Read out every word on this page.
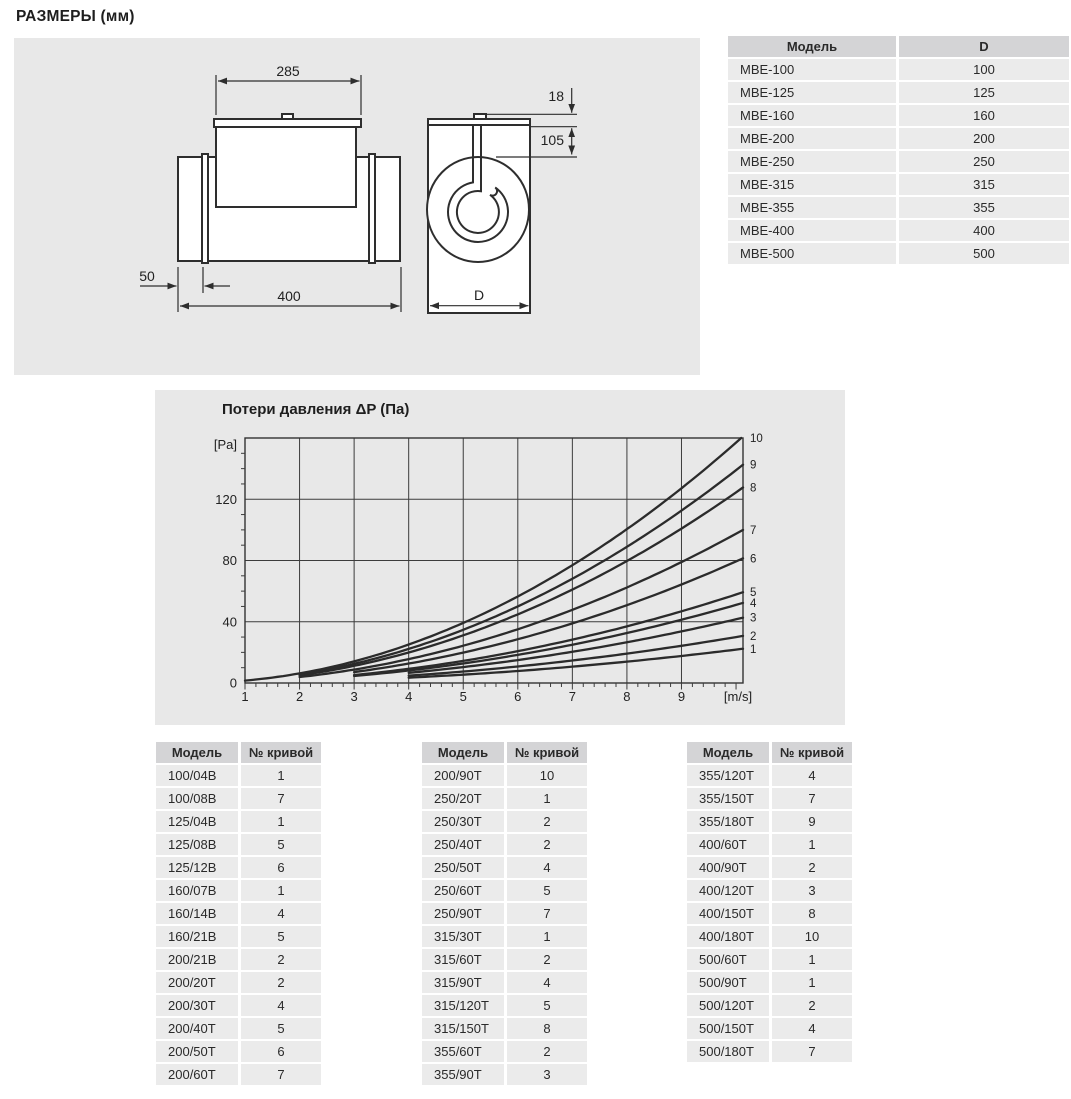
РАЗМЕРЫ (мм)
285
400
50
18
105
D
Модель	D
MBE-100	100
MBE-125	125
MBE-160	160
MBE-200	200
MBE-250	250
MBE-315	315
MBE-355	355
MBE-400	400
MBE-500	500
Потери давления ΔP (Па)
1	2	3	4	5	6	7	8	9	[m/s]
0
40
80
120
[Pa]
1
2
3
4
5
6
7
8
9
10
Модель	№ кривой
100/04B	1
100/08B	7
125/04B	1
125/08B	5
125/12B	6
160/07B	1
160/14B	4
160/21B	5
200/21B	2
200/20T	2
200/30T	4
200/40T	5
200/50T	6
200/60T	7
Модель	№ кривой
200/90T	10
250/20T	1
250/30T	2
250/40T	2
250/50T	4
250/60T	5
250/90T	7
315/30T	1
315/60T	2
315/90T	4
315/120T	5
315/150T	8
355/60T	2
355/90T	3
Модель	№ кривой
355/120T	4
355/150T	7
355/180T	9
400/60T	1
400/90T	2
400/120T	3
400/150T	8
400/180T	10
500/60T	1
500/90T	1
500/120T	2
500/150T	4
500/180T	7
